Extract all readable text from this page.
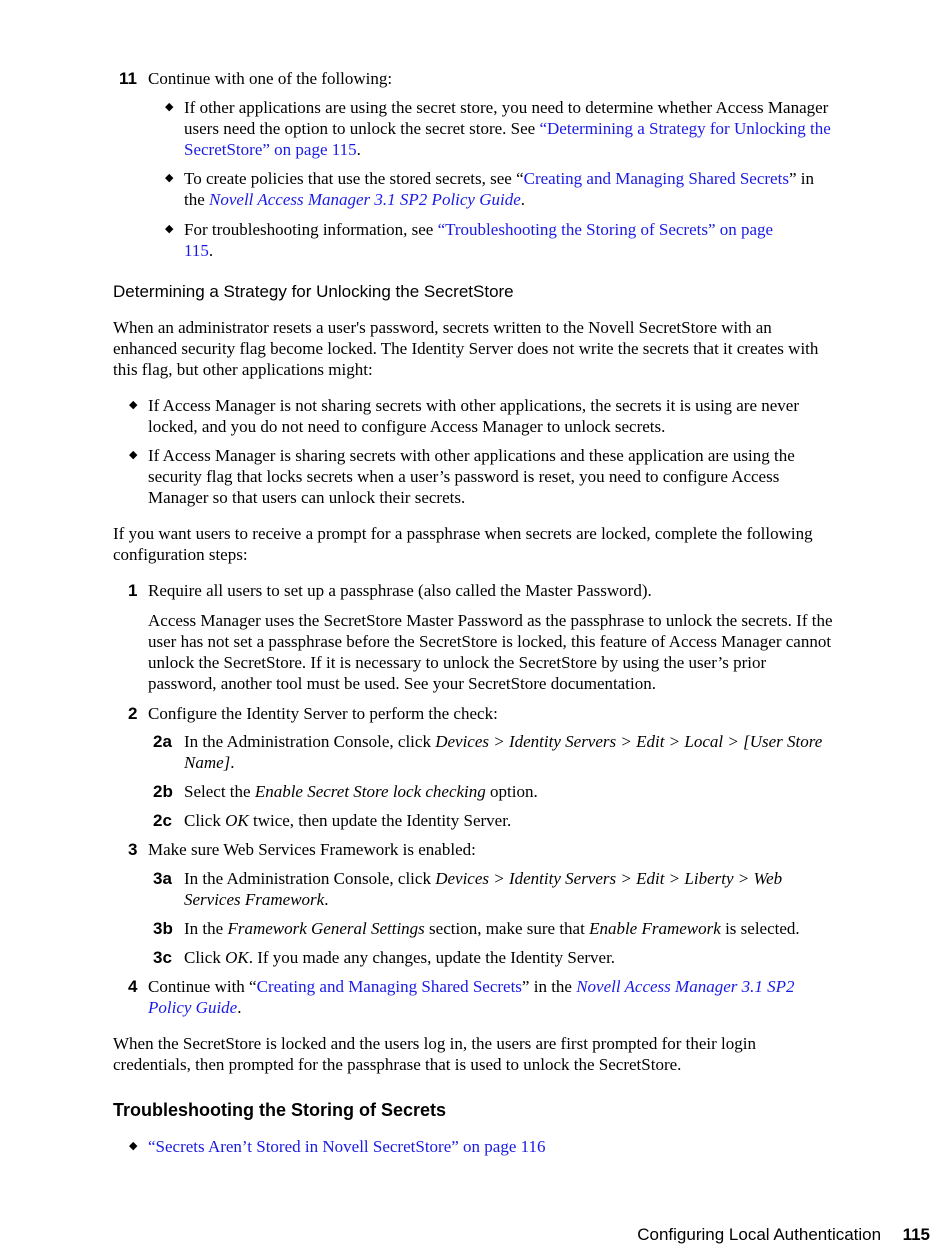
11 Continue with one of the following:

◆ If other applications are using the secret store, you need to determine whether Access Manager users need the option to unlock the secret store. See “Determining a Strategy for Unlocking the SecretStore” on page 115.

◆ To create policies that use the stored secrets, see “Creating and Managing Shared Secrets” in the Novell Access Manager 3.1 SP2 Policy Guide.

◆ For troubleshooting information, see “Troubleshooting the Storing of Secrets” on page 115.

Determining a Strategy for Unlocking the SecretStore

When an administrator resets a user's password, secrets written to the Novell SecretStore with an enhanced security flag become locked. The Identity Server does not write the secrets that it creates with this flag, but other applications might:

◆ If Access Manager is not sharing secrets with other applications, the secrets it is using are never locked, and you do not need to configure Access Manager to unlock secrets.

◆ If Access Manager is sharing secrets with other applications and these application are using the security flag that locks secrets when a user’s password is reset, you need to configure Access Manager so that users can unlock their secrets.

If you want users to receive a prompt for a passphrase when secrets are locked, complete the following configuration steps:

1 Require all users to set up a passphrase (also called the Master Password).

Access Manager uses the SecretStore Master Password as the passphrase to unlock the secrets. If the user has not set a passphrase before the SecretStore is locked, this feature of Access Manager cannot unlock the SecretStore. If it is necessary to unlock the SecretStore by using the user’s prior password, another tool must be used. See your SecretStore documentation.

2 Configure the Identity Server to perform the check:

2a In the Administration Console, click Devices > Identity Servers > Edit > Local > [User Store Name].

2b Select the Enable Secret Store lock checking option.

2c Click OK twice, then update the Identity Server.

3 Make sure Web Services Framework is enabled:

3a In the Administration Console, click Devices > Identity Servers > Edit > Liberty > Web Services Framework.

3b In the Framework General Settings section, make sure that Enable Framework is selected.

3c Click OK. If you made any changes, update the Identity Server.

4 Continue with “Creating and Managing Shared Secrets” in the Novell Access Manager 3.1 SP2 Policy Guide.

When the SecretStore is locked and the users log in, the users are first prompted for their login credentials, then prompted for the passphrase that is used to unlock the SecretStore.

Troubleshooting the Storing of Secrets

◆ “Secrets Aren’t Stored in Novell SecretStore” on page 116

Configuring Local Authentication 115
